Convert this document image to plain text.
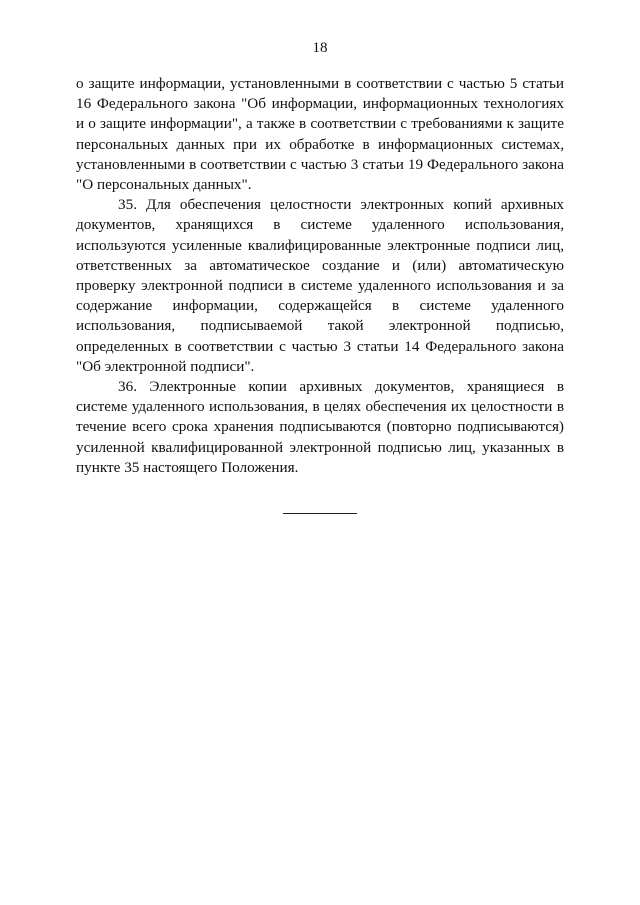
18

о защите информации, установленными в соответствии с частью 5 статьи 16 Федерального закона "Об информации, информационных технологиях и о защите информации", а также в соответствии с требованиями к защите персональных данных при их обработке в информационных системах, установленными в соответствии с частью 3 статьи 19 Федерального закона "О персональных данных".

35. Для обеспечения целостности электронных копий архивных документов, хранящихся в системе удаленного использования, используются усиленные квалифицированные электронные подписи лиц, ответственных за автоматическое создание и (или) автоматическую проверку электронной подписи в системе удаленного использования и за содержание информации, содержащейся в системе удаленного использования, подписываемой такой электронной подписью, определенных в соответствии с частью 3 статьи 14 Федерального закона "Об электронной подписи".

36. Электронные копии архивных документов, хранящиеся в системе удаленного использования, в целях обеспечения их целостности в течение всего срока хранения подписываются (повторно подписываются) усиленной квалифицированной электронной подписью лиц, указанных в пункте 35 настоящего Положения.
